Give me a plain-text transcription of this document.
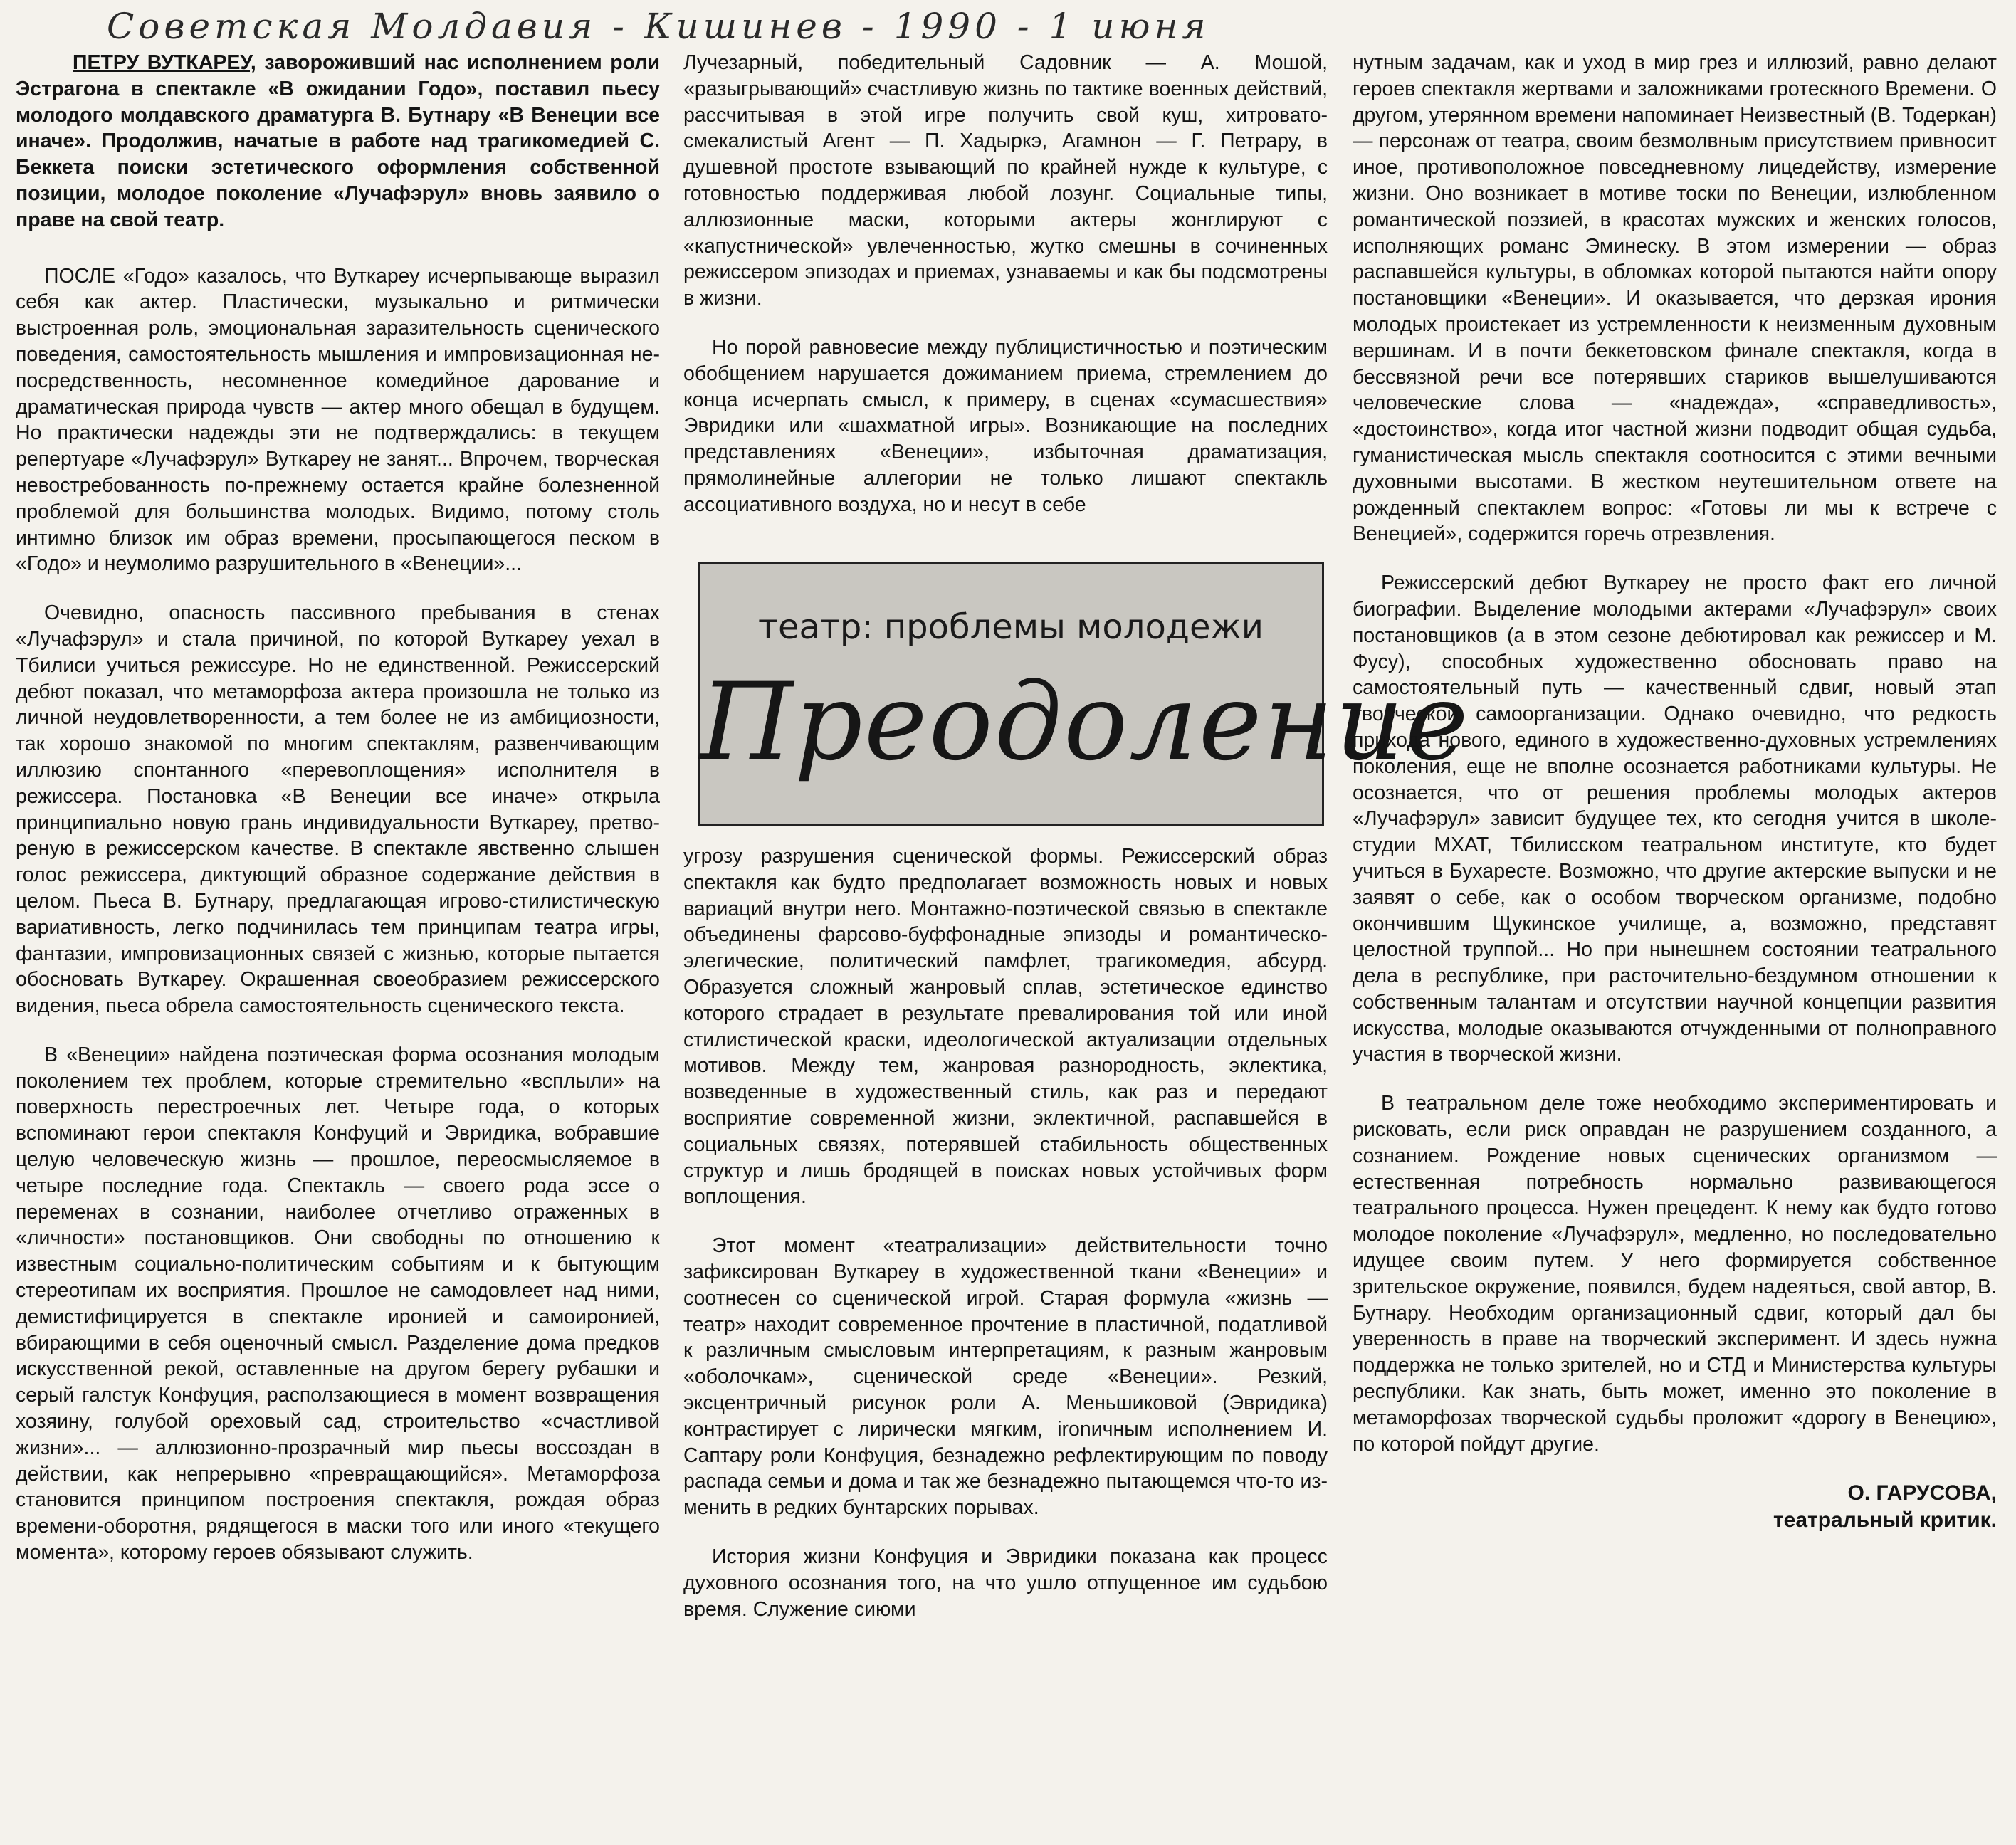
Советская Молдавия - Кишинев - 1990 - 1 июня
ПЕТРУ ВУТКАРЕУ, завороживший нас исполнением роли Эстрагона в спектакле «В ожидании Годо», поставил пьесу молодого молдавского драматурга В. Бутнару «В Венеции все иначе». Продолжив, начатые в работе над трагикомедией С. Беккета поиски эстетического оформления собственной позиции, молодое поколение «Лучафэрул» вновь заявило о праве на свой театр.

ПОСЛЕ «Годо» казалось, что Вуткареу исчерпывающе выразил себя как актер. Пластически, музыкально и ритмически выстроенная роль, эмоциональная заразительность сценического поведения, самостоятельность мышления и импровизационная непосредственность, несомненное комедийное дарование и драматическая природа чувств — актер много обещал в будущем. Но практически надежды эти не подтверждались: в текущем репертуаре «Лучафэрул» Вуткареу не занят... Впрочем, творческая невостребованность по-прежнему остается крайне болезненной проблемой для большинства молодых. Видимо, потому столь интимно близок им образ времени, просыпающегося песком в «Годо» и неумолимо разрушительного в «Венеции»...

Очевидно, опасность пассивного пребывания в стенах «Лучафэрул» и стала причиной, по которой Вуткареу уехал в Тбилиси учиться режиссуре. Но не единственной. Режиссерский дебют показал, что метаморфоза актера произошла не только из личной неудовлетворенности, а тем более не из амбициозности, так хорошо знакомой по многим спектаклям, развенчивающим иллюзию спонтанного «перевоплощения» исполнителя в режиссера. Постановка «В Венеции все иначе» открыла принципиально новую грань индивидуальности Вуткареу, претвореную в режиссерском качестве. В спектакле явственно слышен голос режиссера, диктующий образное содержание действия в целом. Пьеса В. Бутнару, предлагающая игрово-стилистическую вариативность, легко подчинилась тем принципам театра игры, фантазии, импровизационных связей с жизнью, которые пытается обосновать Вуткареу. Окрашенная своеобразием режиссерского видения, пьеса обрела самостоятельность сценического текста.

В «Венеции» найдена поэтическая форма осознания молодым поколением тех проблем, которые стремительно «всплыли» на поверхность перестроечных лет. Четыре года, о которых вспоминают герои спектакля Конфуций и Эвридика, вобравшие целую человеческую жизнь — прошлое, переосмысляемое в четыре последние года. Спектакль — своего рода эссе о переменах в сознании, наиболее отчетливо отраженных в «личности» постановщиков. Они свободны по отношению к известным социально-политическим событиям и к бытующим стереотипам их восприятия. Прошлое не самодовлеет над ними, демистифицируется в спектакле иронией и самоиронией, вбирающими в себя оценочный смысл. Разделение дома предков искусственной рекой, оставленные на другом берегу рубашки и серый галстук Конфуция, расползающиеся в момент возвращения хозяину, голубой ореховый сад, строительство «счастливой жизни»... — аллюзионно-прозрачный мир пьесы воссоздан в действии, как непрерывно «превращающийся». Метаморфоза становится принципом построения спектакля, рождая образ времени-оборотня, рядящегося в маски того или иного «текущего момента», которому героев обязывают служить.

Лучезарный, победительный Садовник — А. Мошой, «разыгрывающий» счастливую жизнь по тактике военных действий, рассчитывая в этой игре получить свой куш, хитровато-смекалистый Агент — П. Хадыркэ, Агамнон — Г. Петрару, в душевной простоте взывающий по крайней нужде к культуре, с готовностью поддерживая любой лозунг. Социальные типы, аллюзионные маски, которыми актеры жонглируют с «капустнической» увлеченностью, жутко смешны в сочиненных режиссером эпизодах и приемах, узнаваемы и как бы подсмотрены в жизни.

Но порой равновесие между публицистичностью и поэтическим обобщением нарушается дожиманием приема, стремлением до конца исчерпать смысл, к примеру, в сценах «сумасшествия» Эвридики или «шахматной игры». Возникающие на последних представлениях «Венеции», избыточная драматизация, прямолинейные аллегории не только лишают спектакль ассоциативного воздуха, но и несут в себе

театр: проблемы молодежи
Преодоление

угрозу разрушения сценической формы. Режиссерский образ спектакля как будто предполагает возможность новых и новых вариаций внутри него. Монтажно-поэтической связью в спектакле объединены фарсово-буффонадные эпизоды и романтическо-элегические, политический памфлет, трагикомедия, абсурд. Образуется сложный жанровый сплав, эстетическое единство которого страдает в результате превалирования той или иной стилистической краски, идеологической актуализации отдельных мотивов. Между тем, жанровая разнородность, эклектика, возведенные в художественный стиль, как раз и передают восприятие современной жизни, эклектичной, распавшейся в социальных связях, потерявшей стабильность общественных структур и лишь бродящей в поисках новых устойчивых форм воплощения.

Этот момент «театрализации» действительности точно зафиксирован Вуткареу в художественной ткани «Венеции» и соотнесен со сценической игрой. Старая формула «жизнь — театр» находит современное прочтение в пластичной, податливой к различным смысловым интерпретациям, к разным жанровым «оболочкам», сценической среде «Венеции». Резкий, эксцентричный рисунок роли А. Меньшиковой (Эвридика) контрастирует с лирически мягким, ironичным исполнением И. Сaптару роли Конфуция, безнадежно рефлектирующим по поводу распада семьи и дома и так же безнадежно пытающемся что-то изменить в редких бунтарских порывах.

История жизни Конфуция и Эвридики показана как процесс духовного осознания того, на что ушло отпущенное им судьбою время. Служение сиюми

нутным задачам, как и уход в мир грез и иллюзий, равно делают героев спектакля жертвами и заложниками гротескного Времени. О другом, утерянном времени напоминает Неизвестный (В. Тодеркан) — персонаж от театра, своим безмолвным присутствием привносит иное, противоположное повседневному лицедейству, измерение жизни. Оно возникает в мотиве тоски по Венеции, излюбленном романтической поэзией, в красотах мужских и женских голосов, исполняющих романс Эминеску. В этом измерении — образ распавшейся культуры, в обломках которой пытаются найти опору постановщики «Венеции». И оказывается, что дерзкая ирония молодых проистекает из устремленности к неизменным духовным вершинам. И в почти беккетовском финале спектакля, когда в бессвязной речи все потерявших стариков вышелушиваются человеческие слова — «надежда», «справедливость», «достоинство», когда итог частной жизни подводит общая судьба, гуманистическая мысль спектакля соотносится с этими вечными духовными высотами. В жестком неутешительном ответе на рожденный спектаклем вопрос: «Готовы ли мы к встрече с Венецией», содержится горечь отрезвления.

Режиссерский дебют Вуткареу не просто факт его личной биографии. Выделение молодыми актерами «Лучафэрул» своих постановщиков (а в этом сезоне дебютировал как режиссер и М. Фусу), способных художественно обосновать право на самостоятельный путь — качественный сдвиг, новый этап творческой самоорганизации. Однако очевидно, что редкость прихода нового, единого в художественно-духовных устремлениях поколения, еще не вполне осознается работниками культуры. Не осознается, что от решения проблемы молодых актеров «Лучафэрул» зависит будущее тех, кто сегодня учится в школе-студии МХАТ, Тбилисском театральном институте, кто будет учиться в Бухаресте. Возможно, что другие актерские выпуски и не заявят о себе, как о особом творческом организме, подобно окончившим Щукинское училище, а, возможно, представят целостной труппой... Но при нынешнем состоянии театрального дела в республике, при расточительно-бездумном отношении к собственным талантам и отсутствии научной концепции развития искусства, молодые оказываются отчужденными от полноправного участия в творческой жизни.

В театральном деле тоже необходимо экспериментировать и рисковать, если риск оправдан не разрушением созданного, а сознанием. Рождение новых сценических организмом — естественная потребность нормально развивающегося театрального процесса. Нужен прецедент. К нему как будто готово молодое поколение «Лучафэрул», медленно, но последовательно идущее своим путем. У него формируется собственное зрительское окружение, появился, будем надеяться, свой автор, В. Бутнару. Необходим организационный сдвиг, который дал бы уверенность в праве на творческий эксперимент. И здесь нужна поддержка не только зрителей, но и СТД и Министерства культуры республики. Как знать, быть может, именно это поколение в метаморфозах творческой судьбы проложит «дорогу в Венецию», по которой пойдут другие.

О. ГАРУСОВА,
театральный критик.
